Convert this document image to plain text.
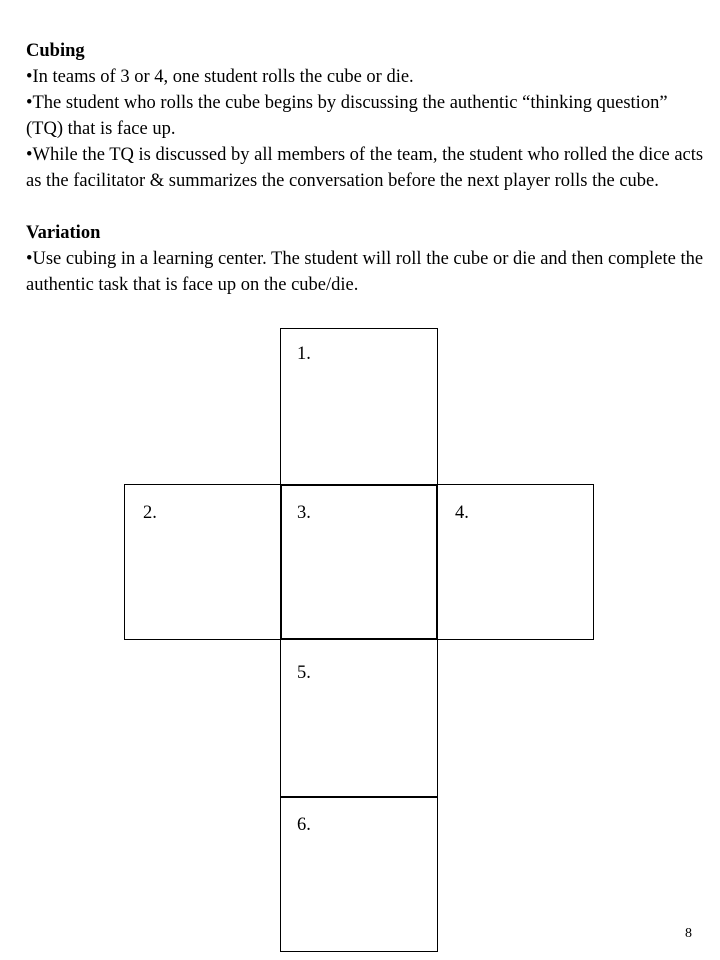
Cubing

•In teams of 3 or 4, one student rolls the cube or die.

•The student who rolls the cube begins by discussing the authentic “thinking question” (TQ) that is face up.

•While the TQ is discussed by all members of the team, the student who rolled the dice acts as the facilitator & summarizes the conversation before the next player rolls the cube.

Variation

•Use cubing in a learning center. The student will roll the cube or die and then complete the authentic task that is face up on the cube/die.

1.
2.	3.	4.
5.
6.
8
